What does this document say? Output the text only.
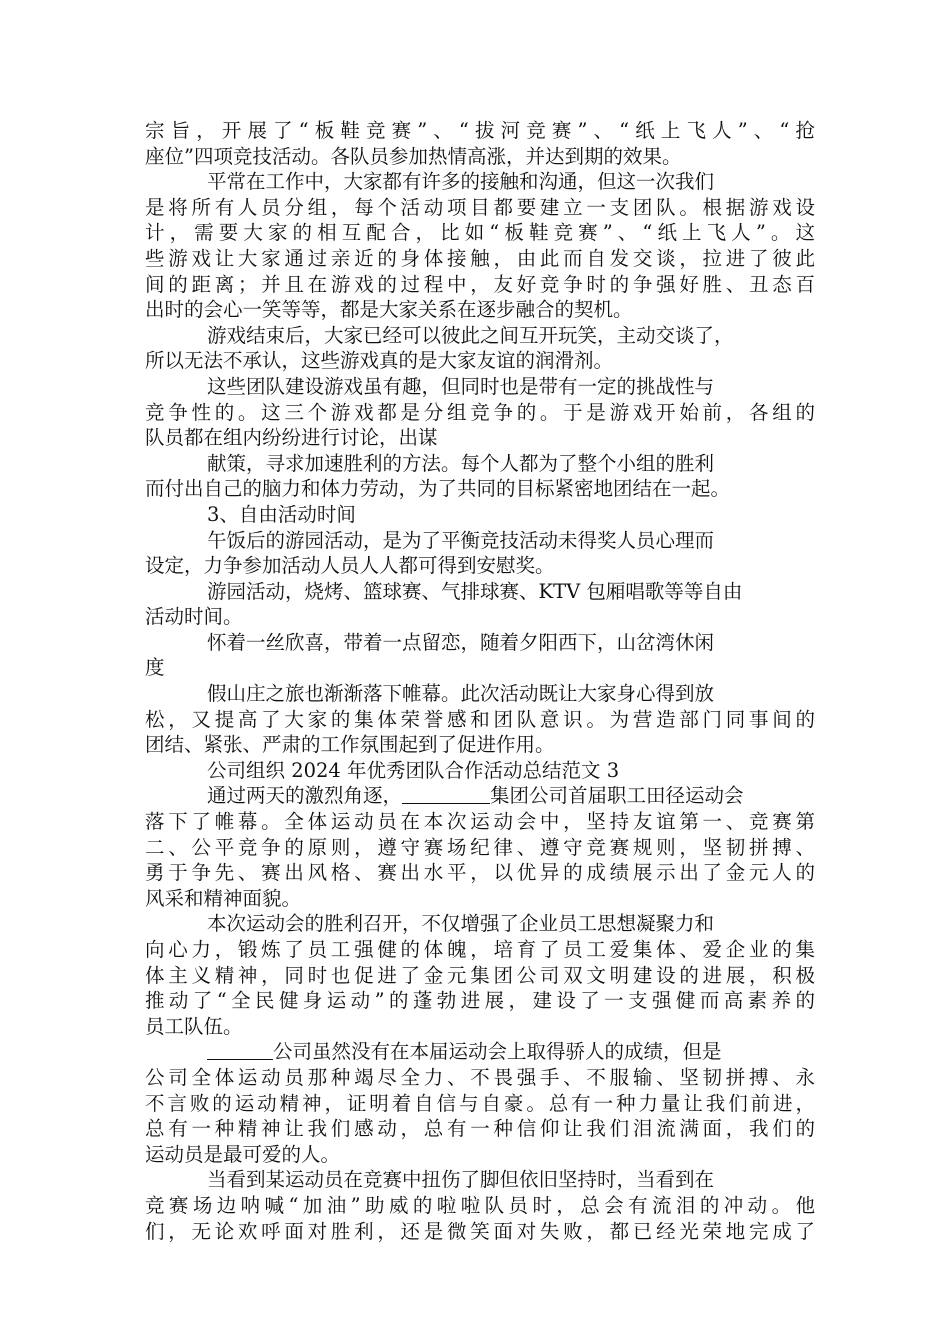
宗旨，开展了“板鞋竞赛”、“拔河竞赛”、“纸上飞人”、“抢
座位”四项竞技活动。各队员参加热情高涨，并达到期的效果。
平常在工作中，大家都有许多的接触和沟通，但这一次我们
是将所有人员分组，每个活动项目都要建立一支团队。根据游戏设
计，需要大家的相互配合，比如“板鞋竞赛”、“纸上飞人”。这
些游戏让大家通过亲近的身体接触，由此而自发交谈，拉进了彼此
间的距离；并且在游戏的过程中，友好竞争时的争强好胜、丑态百
出时的会心一笑等等，都是大家关系在逐步融合的契机。
游戏结束后，大家已经可以彼此之间互开玩笑，主动交谈了，
所以无法不承认，这些游戏真的是大家友谊的润滑剂。
这些团队建设游戏虽有趣，但同时也是带有一定的挑战性与
竞争性的。这三个游戏都是分组竞争的。于是游戏开始前，各组的
队员都在组内纷纷进行讨论，出谋
献策，寻求加速胜利的方法。每个人都为了整个小组的胜利
而付出自己的脑力和体力劳动，为了共同的目标紧密地团结在一起。
3、自由活动时间
午饭后的游园活动，是为了平衡竞技活动未得奖人员心理而
设定，力争参加活动人员人人都可得到安慰奖。
游园活动，烧烤、篮球赛、气排球赛、KTV 包厢唱歌等等自由
活动时间。
怀着一丝欣喜，带着一点留恋，随着夕阳西下，山岔湾休闲
度
假山庄之旅也渐渐落下帷幕。此次活动既让大家身心得到放
松，又提高了大家的集体荣誉感和团队意识。为营造部门同事间的
团结、紧张、严肃的工作氛围起到了促进作用。
公司组织 2024 年优秀团队合作活动总结范文 3
通过两天的激烈角逐，	集团公司首届职工田径运动会
落下了帷幕。全体运动员在本次运动会中，坚持友谊第一、竞赛第
二、公平竞争的原则，遵守赛场纪律、遵守竞赛规则，坚韧拼搏、
勇于争先、赛出风格、赛出水平，以优异的成绩展示出了金元人的
风采和精神面貌。
本次运动会的胜利召开，不仅增强了企业员工思想凝聚力和
向心力，锻炼了员工强健的体魄，培育了员工爱集体、爱企业的集
体主义精神，同时也促进了金元集团公司双文明建设的进展，积极
推动了“全民健身运动”的蓬勃进展，建设了一支强健而高素养的
员工队伍。
公司虽然没有在本届运动会上取得骄人的成绩，但是
公司全体运动员那种竭尽全力、不畏强手、不服输、坚韧拼搏、永
不言败的运动精神，证明着自信与自豪。总有一种力量让我们前进，
总有一种精神让我们感动，总有一种信仰让我们泪流满面，我们的
运动员是最可爱的人。
当看到某运动员在竞赛中扭伤了脚但依旧坚持时，当看到在
竞赛场边呐喊“加油”助威的啦啦队员时，总会有流泪的冲动。他
们，无论欢呼面对胜利，还是微笑面对失败，都已经光荣地完成了
